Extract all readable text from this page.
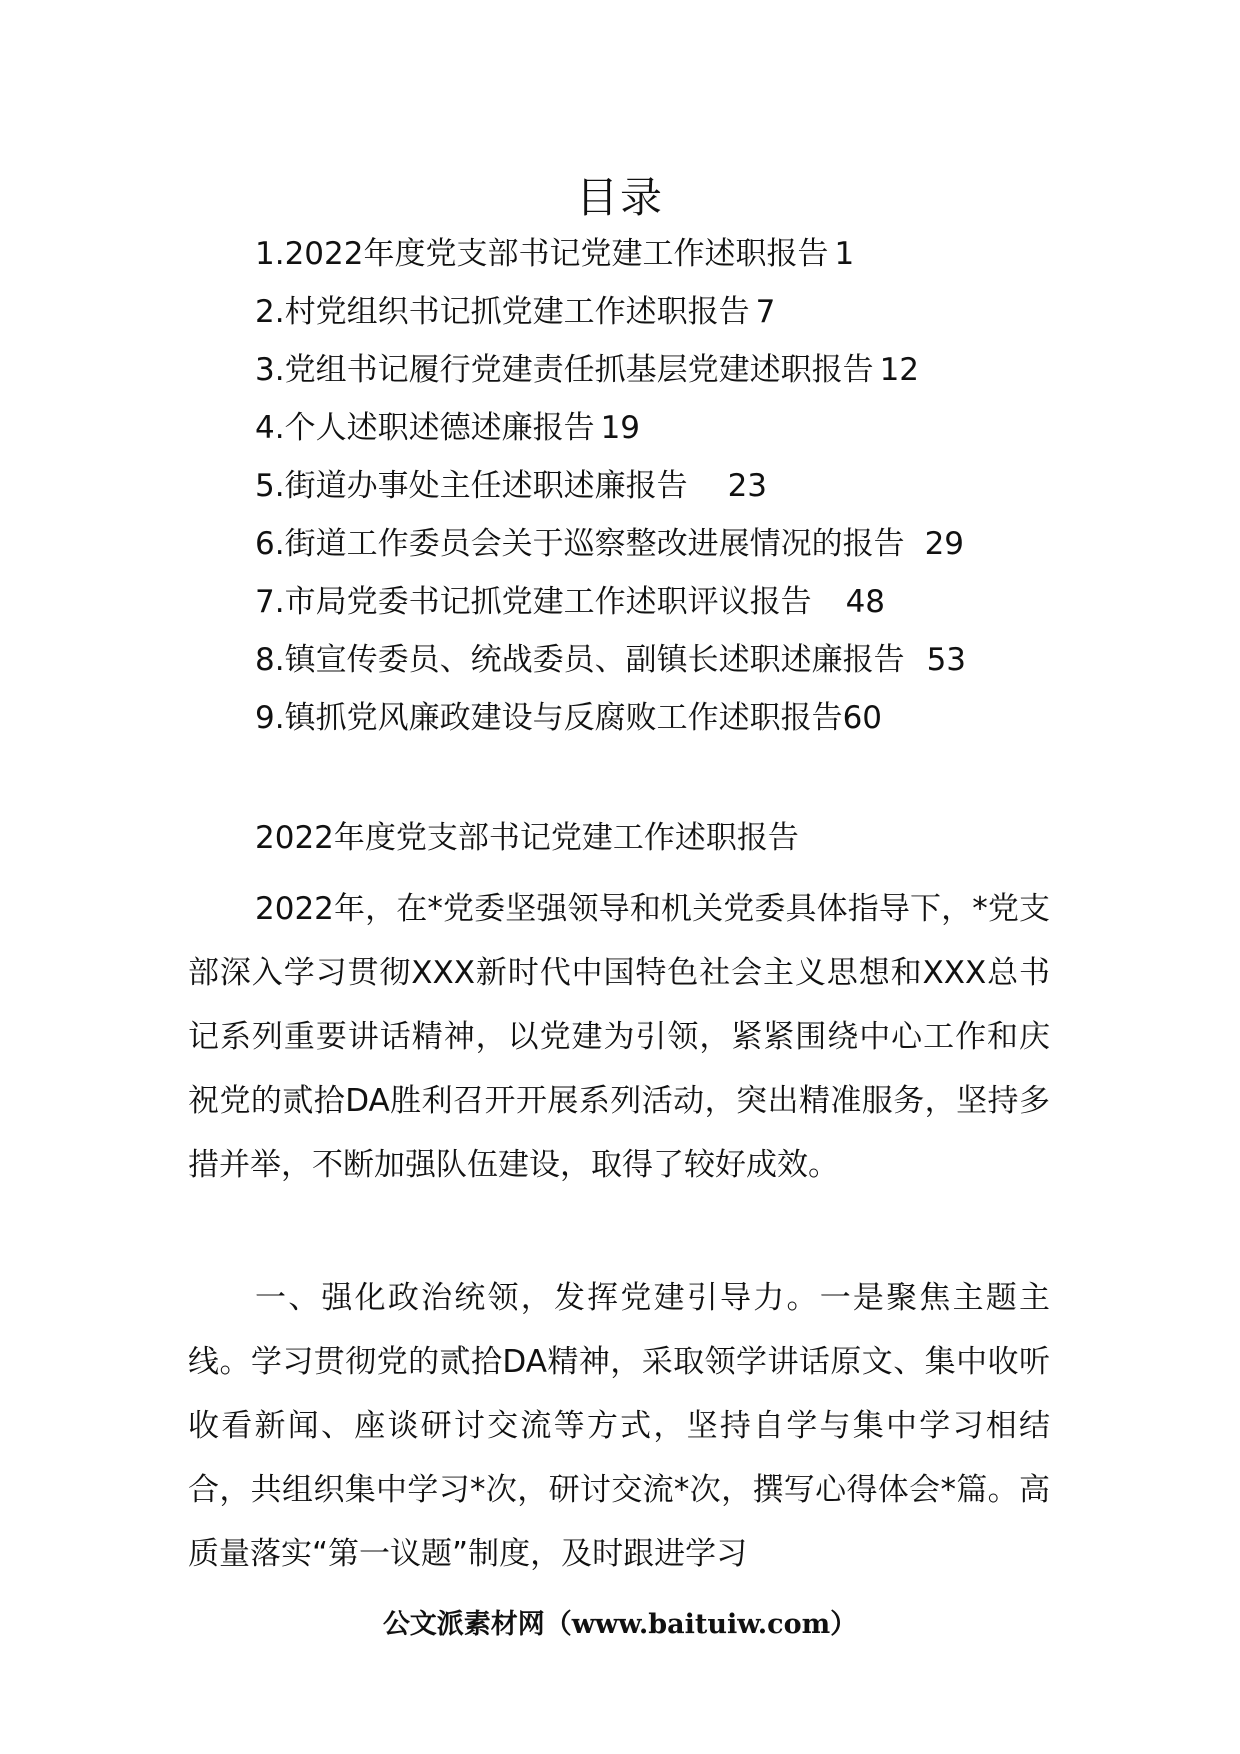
目录
1.2022年度党支部书记党建工作述职报告 1
2.村党组织书记抓党建工作述职报告 7
3.党组书记履行党建责任抓基层党建述职报告 12
4.个人述职述德述廉报告 19
5.街道办事处主任述职述廉报告 23
6.街道工作委员会关于巡察整改进展情况的报告 29
7.市局党委书记抓党建工作述职评议报告 48
8.镇宣传委员、统战委员、副镇长述职述廉报告 53
9.镇抓党风廉政建设与反腐败工作述职报告60
2022年度党支部书记党建工作述职报告

2022年，在*党委坚强领导和机关党委具体指导下，*党支部深入学习贯彻XXX新时代中国特色社会主义思想和XXX总书记系列重要讲话精神，以党建为引领，紧紧围绕中心工作和庆祝党的贰拾DA胜利召开开展系列活动，突出精准服务，坚持多措并举，不断加强队伍建设，取得了较好成效。

一、强化政治统领，发挥党建引导力。一是聚焦主题主线。学习贯彻党的贰拾DA精神，采取领学讲话原文、集中收听收看新闻、座谈研讨交流等方式，坚持自学与集中学习相结合，共组织集中学习*次，研讨交流*次，撰写心得体会*篇。高质量落实“第一议题”制度，及时跟进学习

公文派素材网（www.baituiw.com）
